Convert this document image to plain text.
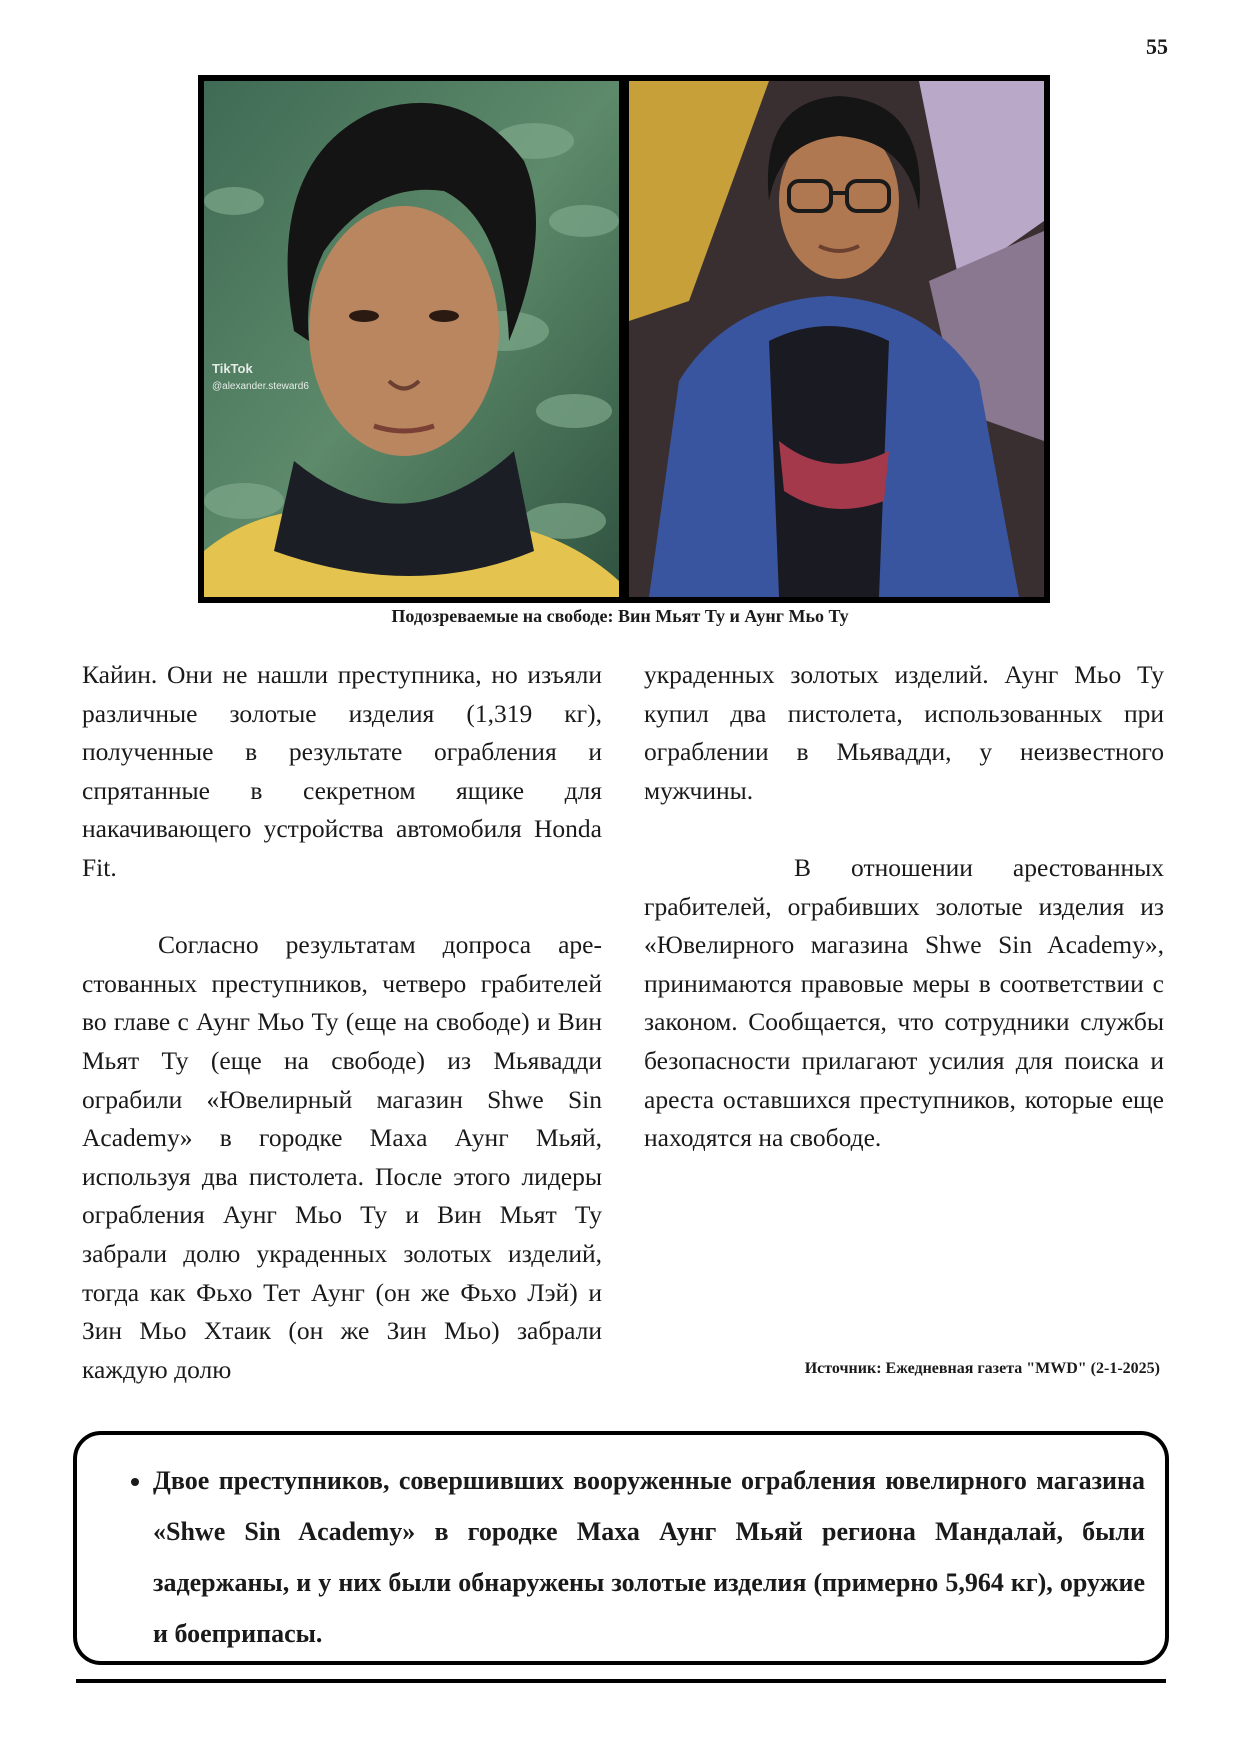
55
TikTok
@alexander.steward6
Подозреваемые на свободе: Вин Мьят Ту и Аунг Мьо Ту

Кайин. Они не нашли преступника, но изъяли различные золотые изделия (1,319 кг), полученные в результате ограбления и спрятанные в секретном ящике для накачивающего устройства автомобиля Honda Fit.

Согласно результатам допроса арестованных преступников, четверо грабителей во главе с Аунг Мьо Ту (еще на свободе) и Вин Мьят Ту (еще на свободе) из Мьявадди ограбили «Ювелирный магазин Shwe Sin Academy» в городке Маха Аунг Мьяй, используя два пистолета. После этого лидеры ограбления Аунг Мьо Ту и Вин Мьят Ту забрали долю украденных золотых изделий, тогда как Фьхо Тет Аунг (он же Фьхо Лэй) и Зин Мьо Хтаик (он же Зин Мьо) забрали каждую долю

украденных золотых изделий. Аунг Мьо Ту купил два пистолета, использованных при ограблении в Мьявадди, у неизвестного мужчины.

В отношении арестованных грабителей, ограбивших золотые изделия из «Ювелирного магазина Shwe Sin Academy», принимаются правовые меры в соответствии с законом. Сообщается, что сотрудники службы безопасности прилагают усилия для поиска и ареста оставшихся преступников, которые еще находятся на свободе.

Источник: Ежедневная газета "MWD" (2-1-2025)
• Двое преступников, совершивших вооруженные ограбления ювелирного магазина «Shwe Sin Academy» в городке Маха Аунг Мьяй региона Мандалай, были задержаны, и у них были обнаружены золотые изделия (примерно 5,964 кг), оружие и боеприпасы.
